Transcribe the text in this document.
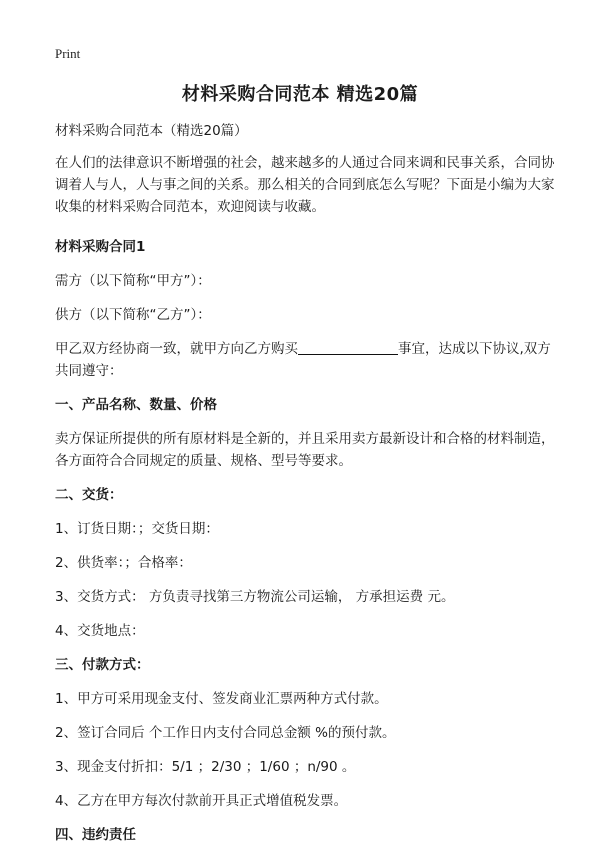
Print
材料采购合同范本 精选20篇

材料采购合同范本（精选20篇）

在人们的法律意识不断增强的社会，越来越多的人通过合同来调和民事关系，合同协调着人与人，人与事之间的关系。那么相关的合同到底怎么写呢？下面是小编为大家收集的材料采购合同范本，欢迎阅读与收藏。

材料采购合同1

需方（以下简称“甲方”）：

供方（以下简称“乙方”）：

甲乙双方经协商一致，就甲方向乙方购买	事宜，达成以下协议,双方共同遵守：

一、产品名称、数量、价格

卖方保证所提供的所有原材料是全新的，并且采用卖方最新设计和合格的材料制造，各方面符合合同规定的质量、规格、型号等要求。

二、交货：

1、订货日期：；交货日期：

2、供货率：；合格率：

3、交货方式： 方负责寻找第三方物流公司运输， 方承担运费 元。

4、交货地点：

三、付款方式：

1、甲方可采用现金支付、签发商业汇票两种方式付款。

2、签订合同后 个工作日内支付合同总金额 %的预付款。

3、现金支付折扣：5/1 ；2/30 ；1/60 ；n/90 。

4、乙方在甲方每次付款前开具正式增值税发票。

四、违约责任
